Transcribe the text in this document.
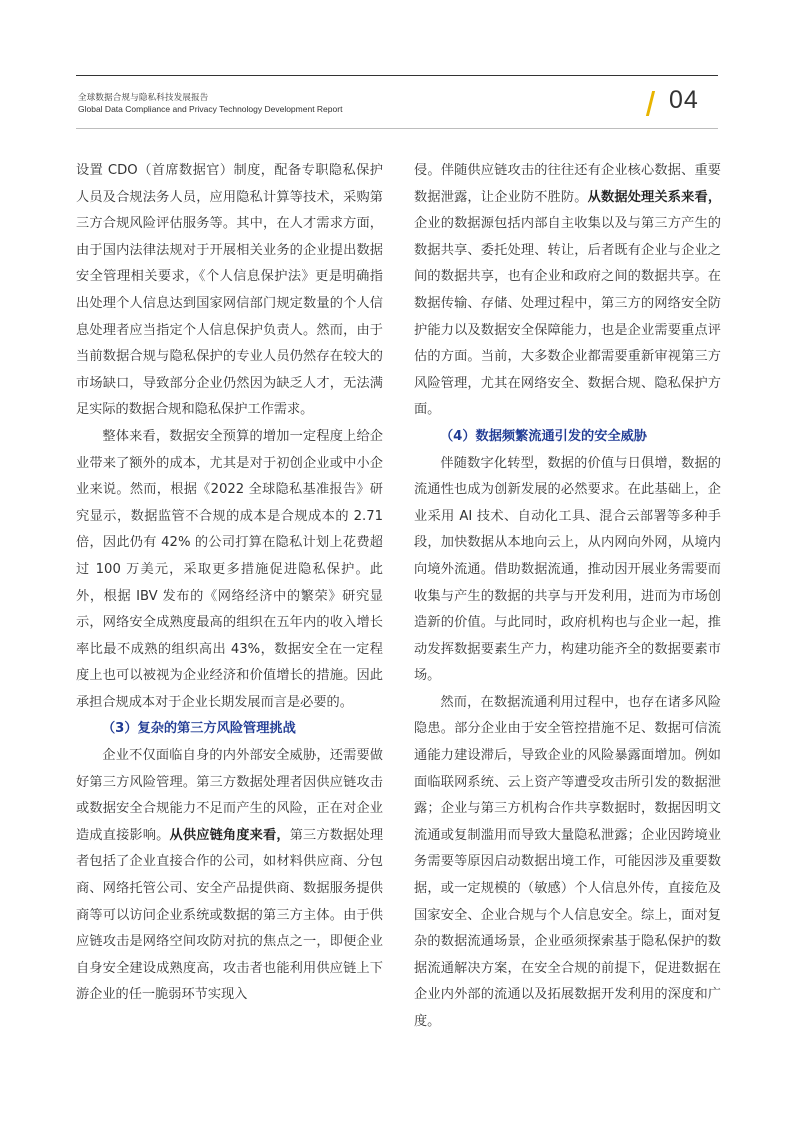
全球数据合规与隐私科技发展报告
Global Data Compliance and Privacy Technology Development Report	04

设置 CDO（首席数据官）制度，配备专职隐私保护人员及合规法务人员，应用隐私计算等技术，采购第三方合规风险评估服务等。其中，在人才需求方面，由于国内法律法规对于开展相关业务的企业提出数据安全管理相关要求，《个人信息保护法》更是明确指出处理个人信息达到国家网信部门规定数量的个人信息处理者应当指定个人信息保护负责人。然而，由于当前数据合规与隐私保护的专业人员仍然存在较大的市场缺口，导致部分企业仍然因为缺乏人才，无法满足实际的数据合规和隐私保护工作需求。

整体来看，数据安全预算的增加一定程度上给企业带来了额外的成本，尤其是对于初创企业或中小企业来说。然而，根据《2022 全球隐私基准报告》研究显示，数据监管不合规的成本是合规成本的 2.71 倍，因此仍有 42% 的公司打算在隐私计划上花费超过 100 万美元，采取更多措施促进隐私保护。此外，根据 IBV 发布的《网络经济中的繁荣》研究显示，网络安全成熟度最高的组织在五年内的收入增长率比最不成熟的组织高出 43%，数据安全在一定程度上也可以被视为企业经济和价值增长的措施。因此承担合规成本对于企业长期发展而言是必要的。

（3）复杂的第三方风险管理挑战

企业不仅面临自身的内外部安全威胁，还需要做好第三方风险管理。第三方数据处理者因供应链攻击或数据安全合规能力不足而产生的风险，正在对企业造成直接影响。从供应链角度来看，第三方数据处理者包括了企业直接合作的公司，如材料供应商、分包商、网络托管公司、安全产品提供商、数据服务提供商等可以访问企业系统或数据的第三方主体。由于供应链攻击是网络空间攻防对抗的焦点之一，即便企业自身安全建设成熟度高，攻击者也能利用供应链上下游企业的任一脆弱环节实现入

侵。伴随供应链攻击的往往还有企业核心数据、重要数据泄露，让企业防不胜防。从数据处理关系来看，企业的数据源包括内部自主收集以及与第三方产生的数据共享、委托处理、转让，后者既有企业与企业之间的数据共享，也有企业和政府之间的数据共享。在数据传输、存储、处理过程中，第三方的网络安全防护能力以及数据安全保障能力，也是企业需要重点评估的方面。当前，大多数企业都需要重新审视第三方风险管理，尤其在网络安全、数据合规、隐私保护方面。

（4）数据频繁流通引发的安全威胁

伴随数字化转型，数据的价值与日俱增，数据的流通性也成为创新发展的必然要求。在此基础上，企业采用 AI 技术、自动化工具、混合云部署等多种手段，加快数据从本地向云上，从内网向外网，从境内向境外流通。借助数据流通，推动因开展业务需要而收集与产生的数据的共享与开发利用，进而为市场创造新的价值。与此同时，政府机构也与企业一起，推动发挥数据要素生产力，构建功能齐全的数据要素市场。

然而，在数据流通利用过程中，也存在诸多风险隐患。部分企业由于安全管控措施不足、数据可信流通能力建设滞后，导致企业的风险暴露面增加。例如面临联网系统、云上资产等遭受攻击所引发的数据泄露；企业与第三方机构合作共享数据时，数据因明文流通或复制滥用而导致大量隐私泄露；企业因跨境业务需要等原因启动数据出境工作，可能因涉及重要数据，或一定规模的（敏感）个人信息外传，直接危及国家安全、企业合规与个人信息安全。综上，面对复杂的数据流通场景，企业亟须探索基于隐私保护的数据流通解决方案，在安全合规的前提下，促进数据在企业内外部的流通以及拓展数据开发利用的深度和广度。
